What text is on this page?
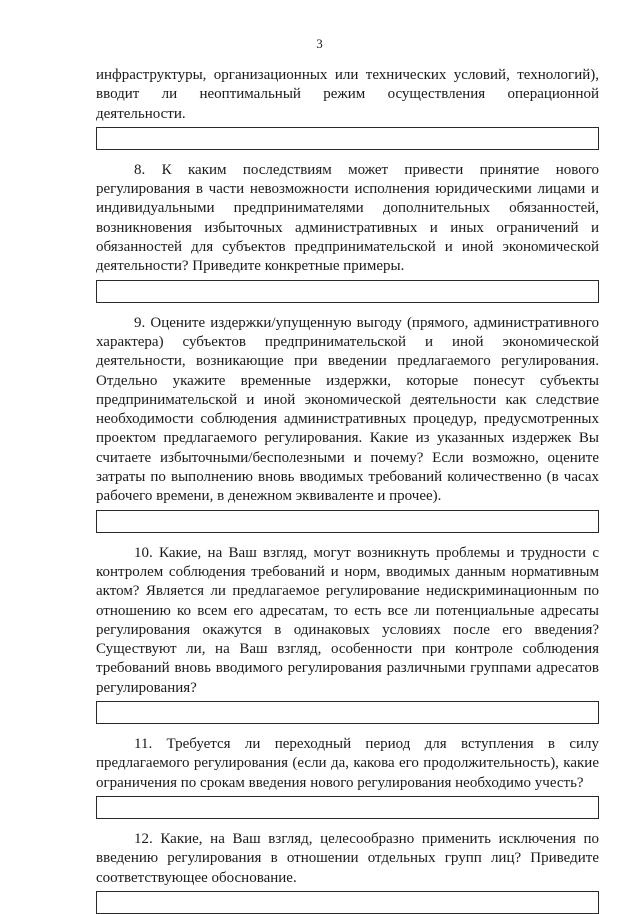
3

инфраструктуры, организационных или технических условий, технологий), вводит ли неоптимальный режим осуществления операционной деятельности.

8. К каким последствиям может привести принятие нового регулирования в части невозможности исполнения юридическими лицами и индивидуальными предпринимателями дополнительных обязанностей, возникновения избыточных административных и иных ограничений и обязанностей для субъектов предпринимательской и иной экономической деятельности? Приведите конкретные примеры.

9. Оцените издержки/упущенную выгоду (прямого, административного характера) субъектов предпринимательской и иной экономической деятельности, возникающие при введении предлагаемого регулирования. Отдельно укажите временные издержки, которые понесут субъекты предпринимательской и иной экономической деятельности как следствие необходимости соблюдения административных процедур, предусмотренных проектом предлагаемого регулирования. Какие из указанных издержек Вы считаете избыточными/бесполезными и почему? Если возможно, оцените затраты по выполнению вновь вводимых требований количественно (в часах рабочего времени, в денежном эквиваленте и прочее).

10. Какие, на Ваш взгляд, могут возникнуть проблемы и трудности с контролем соблюдения требований и норм, вводимых данным нормативным актом? Является ли предлагаемое регулирование недискриминационным по отношению ко всем его адресатам, то есть все ли потенциальные адресаты регулирования окажутся в одинаковых условиях после его введения? Существуют ли, на Ваш взгляд, особенности при контроле соблюдения требований вновь вводимого регулирования различными группами адресатов регулирования?

11. Требуется ли переходный период для вступления в силу предлагаемого регулирования (если да, какова его продолжительность), какие ограничения по срокам введения нового регулирования необходимо учесть?

12. Какие, на Ваш взгляд, целесообразно применить исключения по введению регулирования в отношении отдельных групп лиц? Приведите соответствующее обоснование.
